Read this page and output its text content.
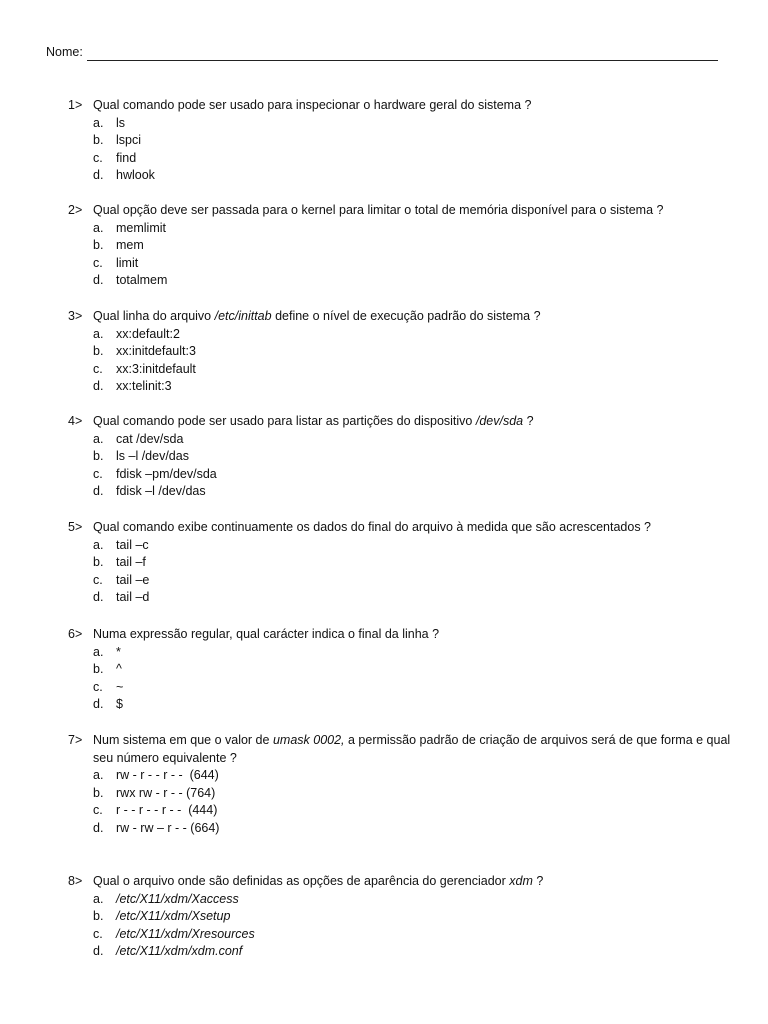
Nome:
1> Qual comando pode ser usado para inspecionar o hardware geral do sistema ?
a. ls
b. lspci
c. find
d. hwlook
2> Qual opção deve ser passada para o kernel para limitar o total de memória disponível para o sistema ?
a. memlimit
b. mem
c. limit
d. totalmem
3> Qual linha do arquivo /etc/inittab define o nível de execução padrão do sistema ?
a. xx:default:2
b. xx:initdefault:3
c. xx:3:initdefault
d. xx:telinit:3
4> Qual comando pode ser usado para listar as partições do dispositivo /dev/sda ?
a. cat /dev/sda
b. ls –l /dev/das
c. fdisk –pm/dev/sda
d. fdisk –l /dev/das
5> Qual comando exibe continuamente os dados do final do arquivo à medida que são acrescentados ?
a. tail –c
b. tail –f
c. tail –e
d. tail –d
6> Numa expressão regular, qual carácter indica o final da linha ?
a. *
b. ^
c. ~
d. $
7> Num sistema em que o valor de umask 0002, a permissão padrão de criação de arquivos será de que forma e qual seu número equivalente ?
a. rw - r - - r - -  (644)
b. rwx rw - r - - (764)
c. r - - r - - r - -  (444)
d. rw - rw – r - - (664)
8> Qual o arquivo onde são definidas as opções de aparência do gerenciador xdm ?
a. /etc/X11/xdm/Xaccess
b. /etc/X11/xdm/Xsetup
c. /etc/X11/xdm/Xresources
d. /etc/X11/xdm/xdm.conf
